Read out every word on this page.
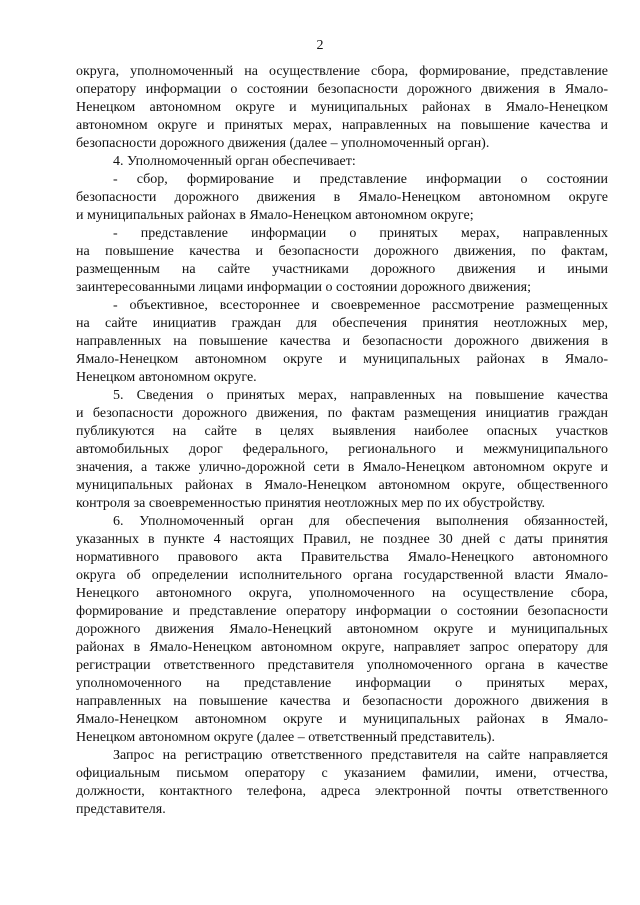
2
округа, уполномоченный на осуществление сбора, формирование, представление
оператору информации о состоянии безопасности дорожного движения в Ямало-
Ненецком автономном округе и муниципальных районах в Ямало-Ненецком
автономном округе и принятых мерах, направленных на повышение качества и
безопасности дорожного движения (далее – уполномоченный орган).
4. Уполномоченный орган обеспечивает:
- сбор, формирование и представление информации о состоянии
безопасности дорожного движения в Ямало-Ненецком автономном округе
и муниципальных районах в Ямало-Ненецком автономном округе;
- представление информации о принятых мерах, направленных
на повышение качества и безопасности дорожного движения, по фактам,
размещенным на сайте участниками дорожного движения и иными
заинтересованными лицами информации о состоянии дорожного движения;
- объективное, всестороннее и своевременное рассмотрение размещенных
на сайте инициатив граждан для обеспечения принятия неотложных мер,
направленных на повышение качества и безопасности дорожного движения в
Ямало-Ненецком автономном округе и муниципальных районах в Ямало-
Ненецком автономном округе.
5. Сведения о принятых мерах, направленных на повышение качества
и безопасности дорожного движения, по фактам размещения инициатив граждан
публикуются на сайте в целях выявления наиболее опасных участков
автомобильных дорог федерального, регионального и межмуниципального
значения, а также улично-дорожной сети в Ямало-Ненецком автономном округе и
муниципальных районах в Ямало-Ненецком автономном округе, общественного
контроля за своевременностью принятия неотложных мер по их обустройству.
6. Уполномоченный орган для обеспечения выполнения обязанностей,
указанных в пункте 4 настоящих Правил, не позднее 30 дней с даты принятия
нормативного правового акта Правительства Ямало-Ненецкого автономного
округа об определении исполнительного органа государственной власти Ямало-
Ненецкого автономного округа, уполномоченного на осуществление сбора,
формирование и представление оператору информации о состоянии безопасности
дорожного движения Ямало-Ненецкий автономном округе и муниципальных
районах в Ямало-Ненецком автономном округе, направляет запрос оператору для
регистрации ответственного представителя уполномоченного органа в качестве
уполномоченного на представление информации о принятых мерах,
направленных на повышение качества и безопасности дорожного движения в
Ямало-Ненецком автономном округе и муниципальных районах в Ямало-
Ненецком автономном округе (далее – ответственный представитель).
Запрос на регистрацию ответственного представителя на сайте направляется
официальным письмом оператору с указанием фамилии, имени, отчества,
должности, контактного телефона, адреса электронной почты ответственного
представителя.
